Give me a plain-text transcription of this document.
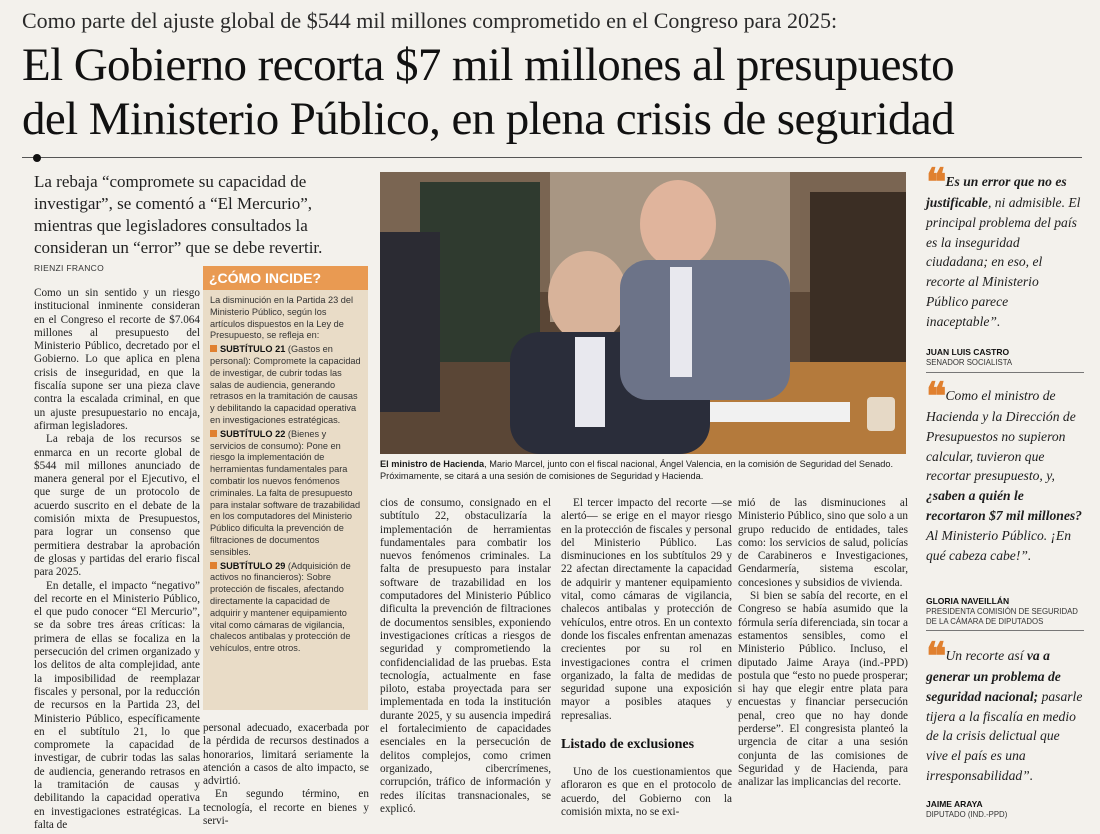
Como parte del ajuste global de $544 mil millones comprometido en el Congreso para 2025:
El Gobierno recorta $7 mil millones al presupuesto
del Ministerio Público, en plena crisis de seguridad
La rebaja “compromete su capacidad de investigar”, se comentó a “El Mercurio”, mientras que legisladores consultados la consideran un “error” que se debe revertir.
RIENZI FRANCO

Como un sin sentido y un riesgo institucional inminente consideran en el Congreso el recorte de $7.064 millones al presupuesto del Ministerio Público, decretado por el Gobierno. Lo que aplica en plena crisis de inseguridad, en que la fiscalía supone ser una pieza clave contra la escalada criminal, en que un ajuste presupuestario no encaja, afirman legisladores.

La rebaja de los recursos se enmarca en un recorte global de $544 mil millones anunciado de manera general por el Ejecutivo, el que surge de un protocolo de acuerdo suscrito en el debate de la comisión mixta de Presupuestos, para lograr un consenso que permitiera destrabar la aprobación de glosas y partidas del erario fiscal para 2025.

En detalle, el impacto “negativo” del recorte en el Ministerio Público, el que pudo conocer “El Mercurio”, se da sobre tres áreas críticas: la primera de ellas se focaliza en la persecución del crimen organizado y los delitos de alta complejidad, ante la imposibilidad de reemplazar fiscales y personal, por la reducción de recursos en la Partida 23, del Ministerio Público, específicamente en el subtítulo 21, lo que compromete la capacidad de investigar, de cubrir todas las salas de audiencia, generando retrasos en la tramitación de causas y debilitando la capacidad operativa en investigaciones estratégicas. La falta de

¿CÓMO INCIDE?

La disminución en la Partida 23 del Ministerio Público, según los artículos dispuestos en la Ley de Presupuesto, se refleja en:

SUBTÍTULO 21 (Gastos en personal): Compromete la capacidad de investigar, de cubrir todas las salas de audiencia, generando retrasos en la tramitación de causas y debilitando la capacidad operativa en investigaciones estratégicas.

SUBTÍTULO 22 (Bienes y servicios de consumo): Pone en riesgo la implementación de herramientas fundamentales para combatir los nuevos fenómenos criminales. La falta de presupuesto para instalar software de trazabilidad en los computadores del Ministerio Público dificulta la prevención de filtraciones de documentos sensibles.

SUBTÍTULO 29 (Adquisición de activos no financieros): Sobre protección de fiscales, afectando directamente la capacidad de adquirir y mantener equipamiento vital como cámaras de vigilancia, chalecos antibalas y protección de vehículos, entre otros.

personal adecuado, exacerbada por la pérdida de recursos destinados a honorarios, limitará seriamente la atención a casos de alto impacto, se advirtió.

En segundo término, en tecnología, el recorte en bienes y servi-

El ministro de Hacienda, Mario Marcel, junto con el fiscal nacional, Ángel Valencia, en la comisión de Seguridad del Senado. Próximamente, se citará a una sesión de comisiones de Seguridad y Hacienda.

cios de consumo, consignado en el subtítulo 22, obstaculizaría la implementación de herramientas fundamentales para combatir los nuevos fenómenos criminales. La falta de presupuesto para instalar software de trazabilidad en los computadores del Ministerio Público dificulta la prevención de filtraciones de documentos sensibles, exponiendo investigaciones críticas a riesgos de seguridad y comprometiendo la confidencialidad de las pruebas. Esta tecnología, actualmente en fase piloto, estaba proyectada para ser implementada en toda la institución durante 2025, y su ausencia impedirá el fortalecimiento de capacidades esenciales en la persecución de delitos complejos, como crimen organizado, cibercrímenes, corrupción, tráfico de información y redes ilícitas transnacionales, se explicó.

El tercer impacto del recorte —se alertó— se erige en el mayor riesgo en la protección de fiscales y personal del Ministerio Público. Las disminuciones en los subtítulos 29 y 22 afectan directamente la capacidad de adquirir y mantener equipamiento vital, como cámaras de vigilancia, chalecos antibalas y protección de vehículos, entre otros. En un contexto donde los fiscales enfrentan amenazas crecientes por su rol en investigaciones contra el crimen organizado, la falta de medidas de seguridad supone una exposición mayor a posibles ataques y represalias.

Listado de exclusiones

Uno de los cuestionamientos que afloraron es que en el protocolo de acuerdo, del Gobierno con la comisión mixta, no se exi-

mió de las disminuciones al Ministerio Público, sino que solo a un grupo reducido de entidades, tales como: los servicios de salud, policías de Carabineros e Investigaciones, Gendarmería, sistema escolar, concesiones y subsidios de vivienda.

Si bien se sabía del recorte, en el Congreso se había asumido que la fórmula sería diferenciada, sin tocar a estamentos sensibles, como el Ministerio Público. Incluso, el diputado Jaime Araya (ind.-PPD) postula que “esto no puede prosperar; si hay que elegir entre plata para encuestas y financiar persecución penal, creo que no hay donde perderse”. El congresista planteó la urgencia de citar a una sesión conjunta de las comisiones de Seguridad y de Hacienda, para analizar las implicancias del recorte.

❝ Es un error que no es justificable, ni admisible. El principal problema del país es la inseguridad ciudadana; en eso, el recorte al Ministerio Público parece inaceptable”.
JUAN LUIS CASTRO
SENADOR SOCIALISTA
❝ Como el ministro de Hacienda y la Dirección de Presupuestos no supieron calcular, tuvieron que recortar presupuesto, y, ¿saben a quién le recortaron $7 mil millones? Al Ministerio Público. ¡En qué cabeza cabe!”.
GLORIA NAVEILLÁN
PRESIDENTA COMISIÓN DE SEGURIDAD DE LA CÁMARA DE DIPUTADOS
❝ Un recorte así va a generar un problema de seguridad nacional; pasarle tijera a la fiscalía en medio de la crisis delictual que vive el país es una irresponsabilidad”.
JAIME ARAYA
DIPUTADO (IND.-PPD)
